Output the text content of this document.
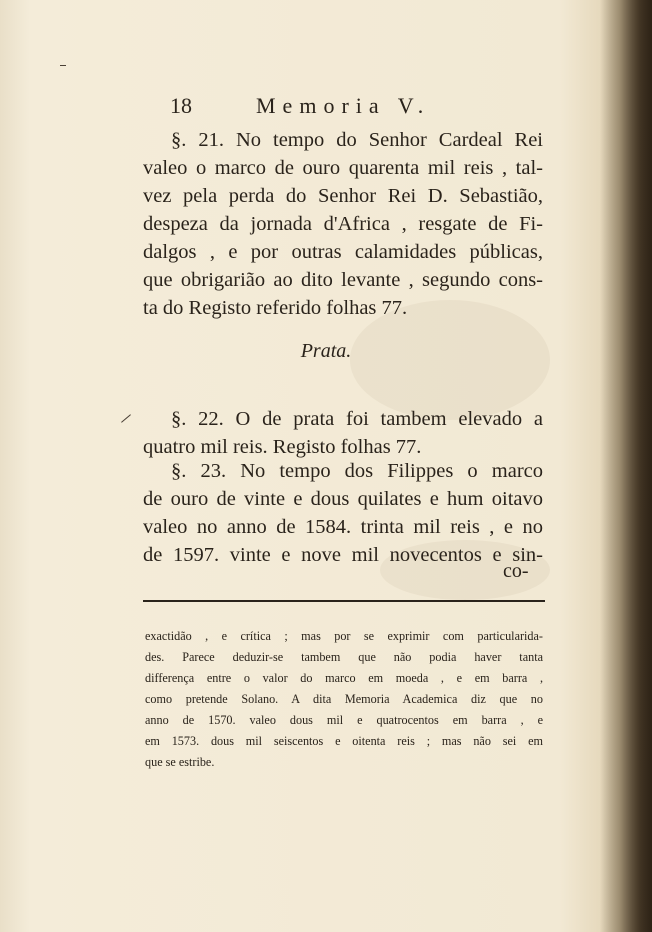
18	Memoria V.
§. 21. No tempo do Senhor Cardeal Rei
valeo o marco de ouro quarenta mil reis , tal-
vez pela perda do Senhor Rei D. Sebastião,
despeza da jornada d'Africa , resgate de Fi-
dalgos , e por outras calamidades públicas,
que obrigarião ao dito levante , segundo cons-
ta do Registo referido folhas 77.
Prata.
§. 22. O de prata foi tambem elevado a
quatro mil reis. Registo folhas 77.
§. 23. No tempo dos Filippes o marco
de ouro de vinte e dous quilates e hum oitavo
valeo no anno de 1584. trinta mil reis , e no
de 1597. vinte e nove mil novecentos e sin-
co-
exactidão , e crítica ; mas por se exprimir com particularida-
des. Parece deduzir-se tambem que não podia haver tanta
differença entre o valor do marco em moeda , e em barra ,
como pretende Solano. A dita Memoria Academica diz que no
anno de 1570. valeo dous mil e quatrocentos em barra , e
em 1573. dous mil seiscentos e oitenta reis ; mas não sei em
que se estribe.
